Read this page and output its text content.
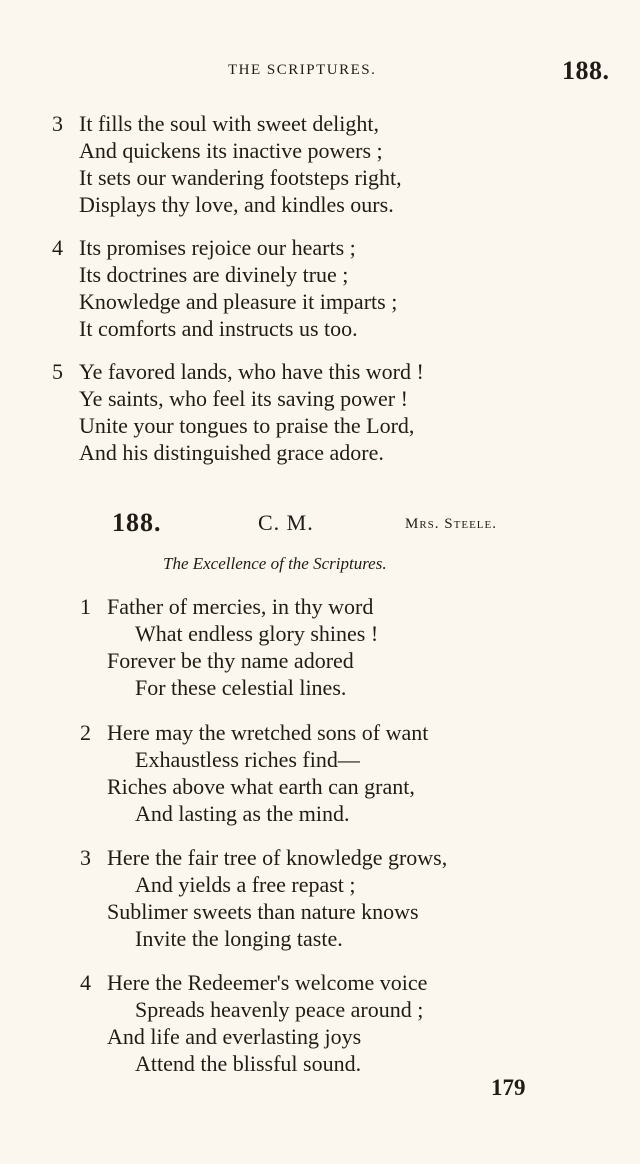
THE SCRIPTURES.	188.
3 It fills the soul with sweet delight,
And quickens its inactive powers ;
It sets our wandering footsteps right,
Displays thy love, and kindles ours.
4 Its promises rejoice our hearts ;
Its doctrines are divinely true ;
Knowledge and pleasure it imparts ;
It comforts and instructs us too.
5 Ye favored lands, who have this word !
Ye saints, who feel its saving power !
Unite your tongues to praise the Lord,
And his distinguished grace adore.
188.	C. M.	Mrs. Steele.
The Excellence of the Scriptures.
1 Father of mercies, in thy word
What endless glory shines !
Forever be thy name adored
For these celestial lines.
2 Here may the wretched sons of want
Exhaustless riches find—
Riches above what earth can grant,
And lasting as the mind.
3 Here the fair tree of knowledge grows,
And yields a free repast ;
Sublimer sweets than nature knows
Invite the longing taste.
4 Here the Redeemer's welcome voice
Spreads heavenly peace around ;
And life and everlasting joys
Attend the blissful sound.
179
